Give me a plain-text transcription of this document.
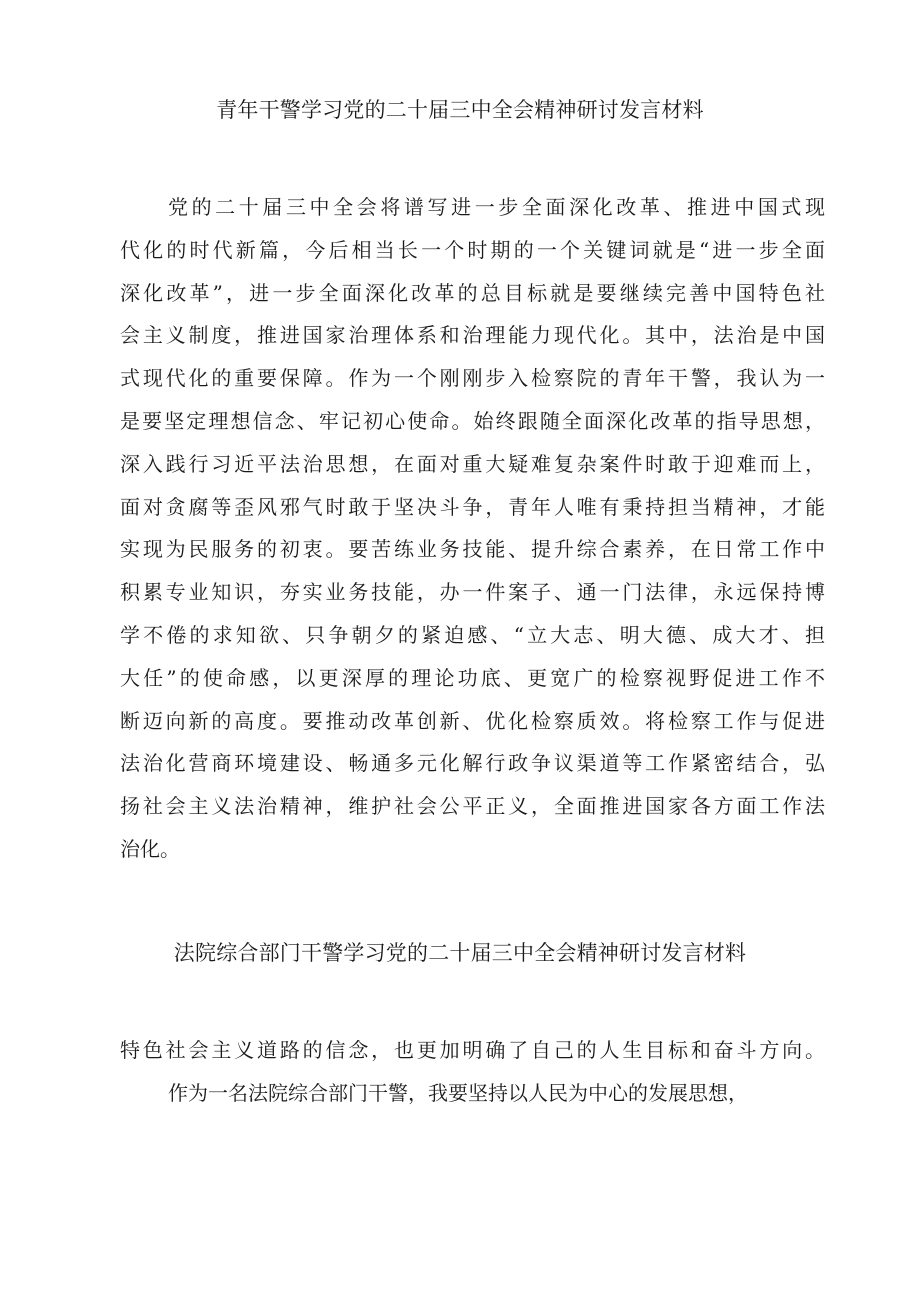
青年干警学习党的二十届三中全会精神研讨发言材料
党的二十届三中全会将谱写进一步全面深化改革、推进中国式现
代化的时代新篇，今后相当长一个时期的一个关键词就是“进一步全面
深化改革”，进一步全面深化改革的总目标就是要继续完善中国特色社
会主义制度，推进国家治理体系和治理能力现代化。其中，法治是中国
式现代化的重要保障。作为一个刚刚步入检察院的青年干警，我认为一
是要坚定理想信念、牢记初心使命。始终跟随全面深化改革的指导思想，
深入践行习近平法治思想，在面对重大疑难复杂案件时敢于迎难而上，
面对贪腐等歪风邪气时敢于坚决斗争，青年人唯有秉持担当精神，才能
实现为民服务的初衷。要苦练业务技能、提升综合素养，在日常工作中
积累专业知识，夯实业务技能，办一件案子、通一门法律，永远保持博
学不倦的求知欲、只争朝夕的紧迫感、“立大志、明大德、成大才、担
大任”的使命感，以更深厚的理论功底、更宽广的检察视野促进工作不
断迈向新的高度。要推动改革创新、优化检察质效。将检察工作与促进
法治化营商环境建设、畅通多元化解行政争议渠道等工作紧密结合，弘
扬社会主义法治精神，维护社会公平正义，全面推进国家各方面工作法
治化。
法院综合部门干警学习党的二十届三中全会精神研讨发言材料
特色社会主义道路的信念，也更加明确了自己的人生目标和奋斗方向。
作为一名法院综合部门干警，我要坚持以人民为中心的发展思想，
